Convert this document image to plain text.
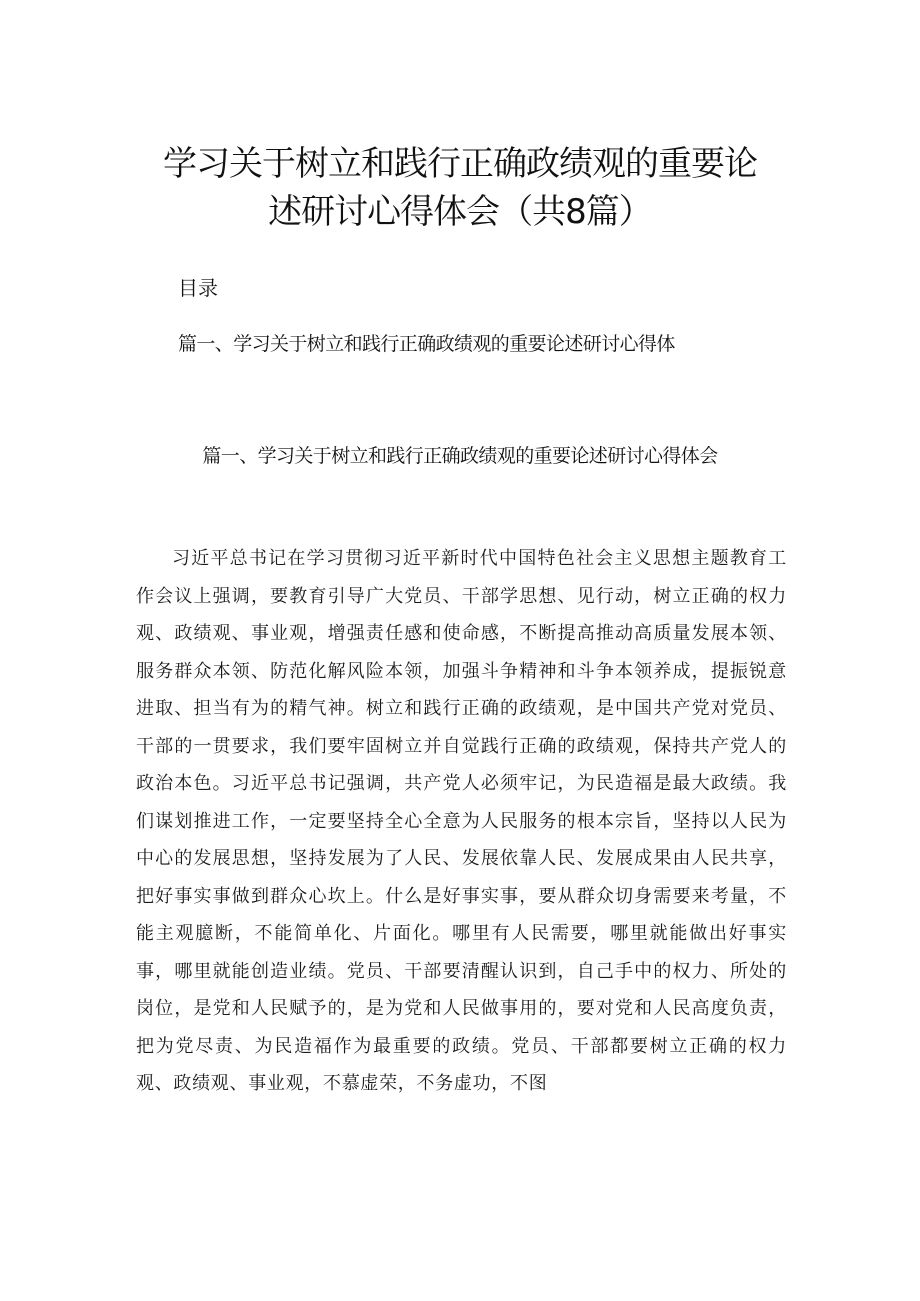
学习关于树立和践行正确政绩观的重要论
述研讨心得体会（共8篇）
目录
篇一、学习关于树立和践行正确政绩观的重要论述研讨心得体
篇一、学习关于树立和践行正确政绩观的重要论述研讨心得体会

习近平总书记在学习贯彻习近平新时代中国特色社会主义思想主题教育工作会议上强调，要教育引导广大党员、干部学思想、见行动，树立正确的权力观、政绩观、事业观，增强责任感和使命感，不断提高推动高质量发展本领、服务群众本领、防范化解风险本领，加强斗争精神和斗争本领养成，提振锐意进取、担当有为的精气神。树立和践行正确的政绩观，是中国共产党对党员、干部的一贯要求，我们要牢固树立并自觉践行正确的政绩观，保持共产党人的政治本色。习近平总书记强调，共产党人必须牢记，为民造福是最大政绩。我们谋划推进工作，一定要坚持全心全意为人民服务的根本宗旨，坚持以人民为中心的发展思想，坚持发展为了人民、发展依靠人民、发展成果由人民共享，把好事实事做到群众心坎上。什么是好事实事，要从群众切身需要来考量，不能主观臆断，不能简单化、片面化。哪里有人民需要，哪里就能做出好事实事，哪里就能创造业绩。党员、干部要清醒认识到，自己手中的权力、所处的岗位，是党和人民赋予的，是为党和人民做事用的，要对党和人民高度负责，把为党尽责、为民造福作为最重要的政绩。党员、干部都要树立正确的权力观、政绩观、事业观，不慕虚荣，不务虚功，不图
